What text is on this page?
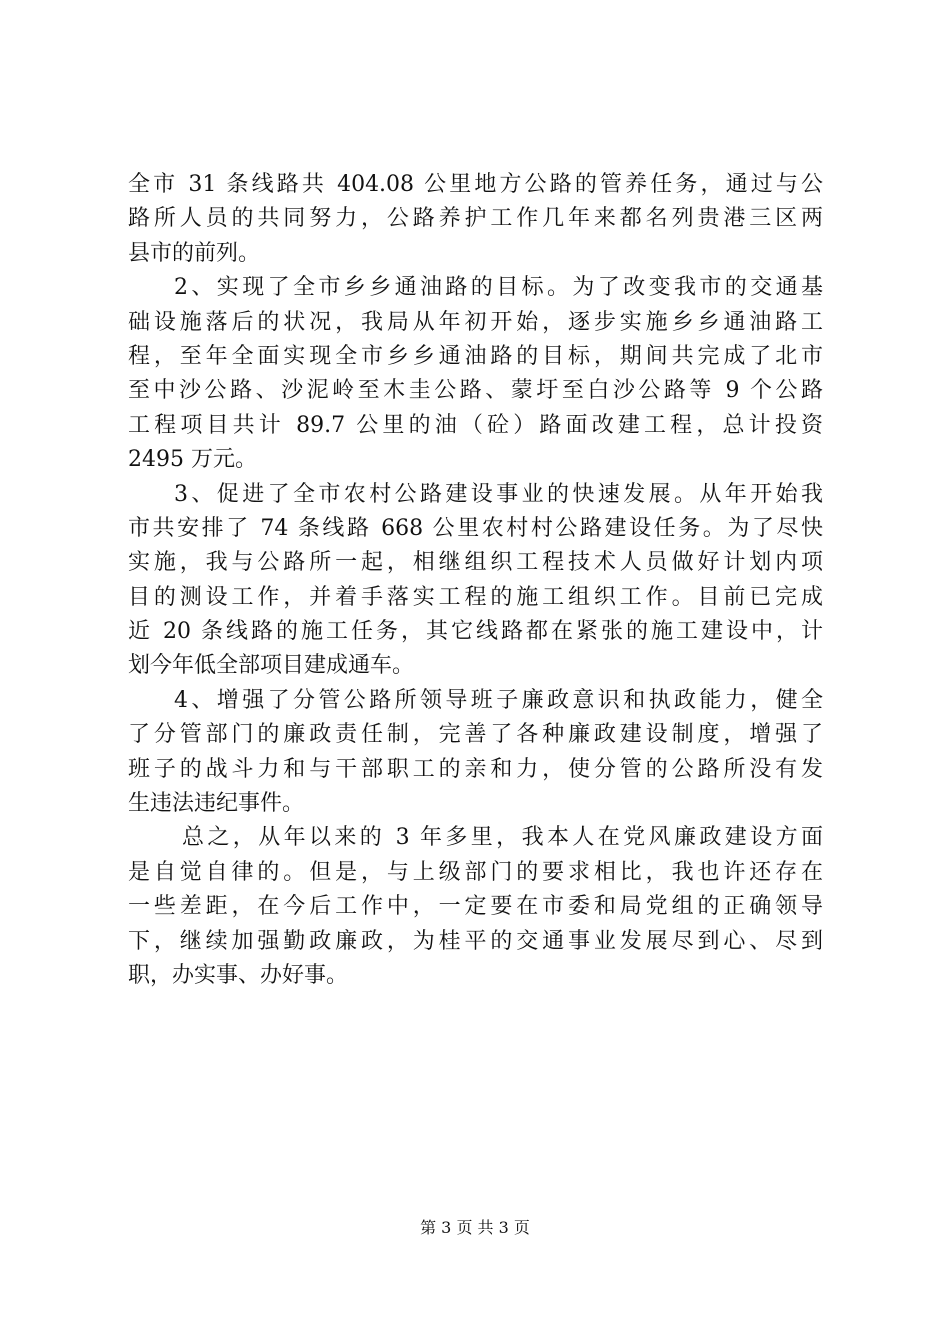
全市 31 条线路共 404.08 公里地方公路的管养任务，通过与公
路所人员的共同努力，公路养护工作几年来都名列贵港三区两
县市的前列。
2、实现了全市乡乡通油路的目标。为了改变我市的交通基
础设施落后的状况，我局从年初开始，逐步实施乡乡通油路工
程，至年全面实现全市乡乡通油路的目标，期间共完成了北市
至中沙公路、沙泥岭至木圭公路、蒙圩至白沙公路等 9 个公路
工程项目共计 89.7 公里的油（砼）路面改建工程，总计投资
2495 万元。
3、促进了全市农村公路建设事业的快速发展。从年开始我
市共安排了 74 条线路 668 公里农村村公路建设任务。为了尽快
实施，我与公路所一起，相继组织工程技术人员做好计划内项
目的测设工作，并着手落实工程的施工组织工作。目前已完成
近 20 条线路的施工任务，其它线路都在紧张的施工建设中，计
划今年低全部项目建成通车。
4、增强了分管公路所领导班子廉政意识和执政能力，健全
了分管部门的廉政责任制，完善了各种廉政建设制度，增强了
班子的战斗力和与干部职工的亲和力，使分管的公路所没有发
生违法违纪事件。
总之，从年以来的 3 年多里，我本人在党风廉政建设方面
是自觉自律的。但是，与上级部门的要求相比，我也许还存在
一些差距，在今后工作中，一定要在市委和局党组的正确领导
下，继续加强勤政廉政，为桂平的交通事业发展尽到心、尽到
职，办实事、办好事。
第 3 页 共 3 页
